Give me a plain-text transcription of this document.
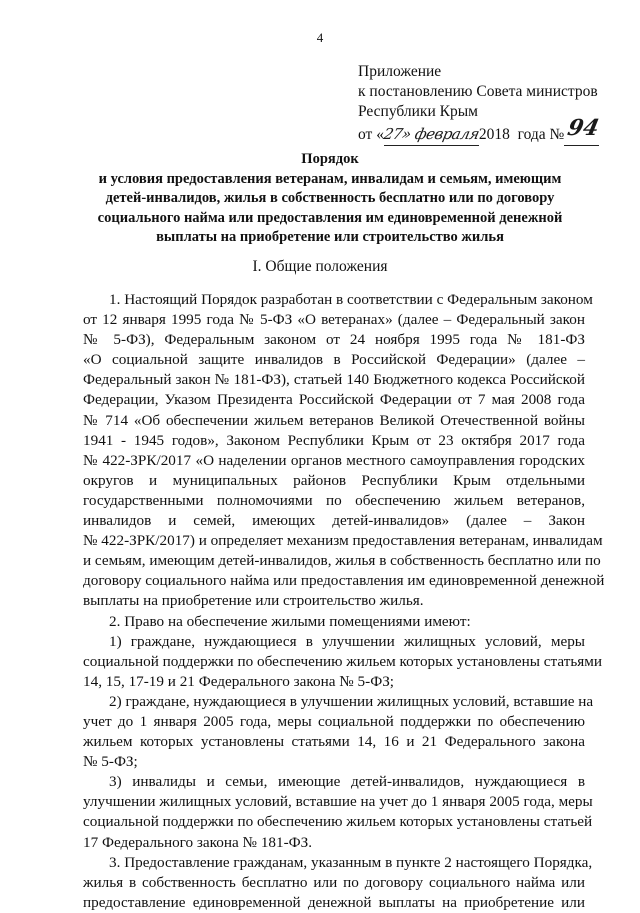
4
Приложение
к постановлению Совета министров
Республики Крым
от «27» февраля2018 года №94
Порядок
и условия предоставления ветеранам, инвалидам и семьям, имеющим
детей-инвалидов, жилья в собственность бесплатно или по договору
социального найма или предоставления им единовременной денежной
выплаты на приобретение или строительство жилья
I. Общие положения
1. Настоящий Порядок разработан в соответствии с Федеральным законом
от 12 января 1995 года № 5-ФЗ «О ветеранах» (далее – Федеральный закон
№ 5-ФЗ), Федеральным законом от 24 ноября 1995 года № 181-ФЗ
«О социальной защите инвалидов в Российской Федерации» (далее –
Федеральный закон № 181-ФЗ), статьей 140 Бюджетного кодекса Российской
Федерации, Указом Президента Российской Федерации от 7 мая 2008 года
№ 714 «Об обеспечении жильем ветеранов Великой Отечественной войны
1941 - 1945 годов», Законом Республики Крым от 23 октября 2017 года
№ 422-ЗРК/2017 «О наделении органов местного самоуправления городских
округов и муниципальных районов Республики Крым отдельными
государственными полномочиями по обеспечению жильем ветеранов,
инвалидов и семей, имеющих детей-инвалидов» (далее – Закон
№ 422-ЗРК/2017) и определяет механизм предоставления ветеранам, инвалидам
и семьям, имеющим детей-инвалидов, жилья в собственность бесплатно или по
договору социального найма или предоставления им единовременной денежной
выплаты на приобретение или строительство жилья.
2. Право на обеспечение жилыми помещениями имеют:
1) граждане, нуждающиеся в улучшении жилищных условий, меры
социальной поддержки по обеспечению жильем которых установлены статьями
14, 15, 17-19 и 21 Федерального закона № 5-ФЗ;
2) граждане, нуждающиеся в улучшении жилищных условий, вставшие на
учет до 1 января 2005 года, меры социальной поддержки по обеспечению
жильем которых установлены статьями 14, 16 и 21 Федерального закона
№ 5-ФЗ;
3) инвалиды и семьи, имеющие детей-инвалидов, нуждающиеся в
улучшении жилищных условий, вставшие на учет до 1 января 2005 года, меры
социальной поддержки по обеспечению жильем которых установлены статьей
17 Федерального закона № 181-ФЗ.
3. Предоставление гражданам, указанным в пункте 2 настоящего Порядка,
жилья в собственность бесплатно или по договору социального найма или
предоставление единовременной денежной выплаты на приобретение или
